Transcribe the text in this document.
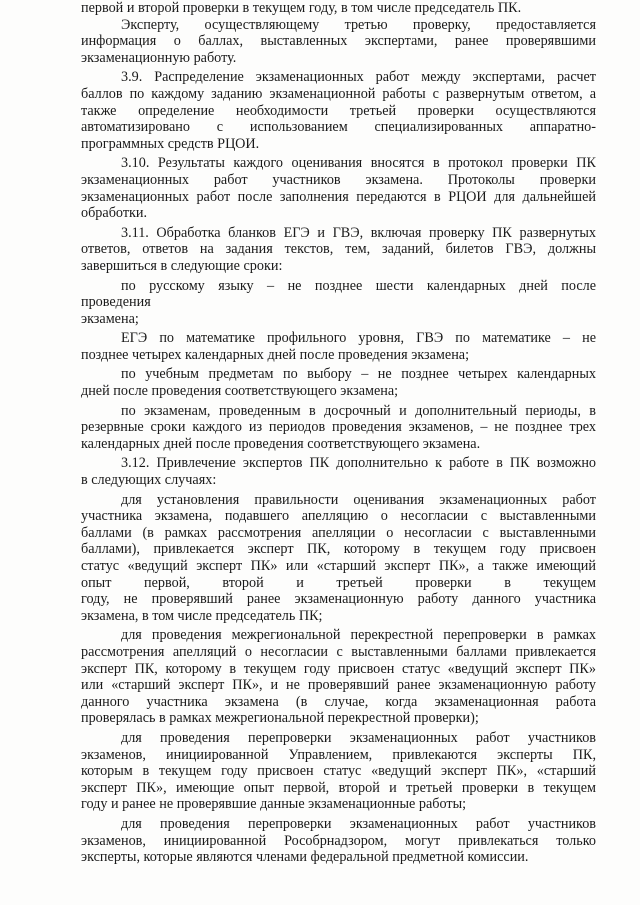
первой и второй проверки в текущем году, в том числе председатель ПК.
Эксперту, осуществляющему третью проверку, предоставляется
информация о баллах, выставленных экспертами, ранее проверявшими
экзаменационную работу.
3.9. Распределение экзаменационных работ между экспертами, расчет
баллов по каждому заданию экзаменационной работы с развернутым ответом, а
также определение необходимости третьей проверки осуществляются
автоматизировано с использованием специализированных аппаратно-
программных средств РЦОИ.
3.10. Результаты каждого оценивания вносятся в протокол проверки ПК
экзаменационных работ участников экзамена. Протоколы проверки
экзаменационных работ после заполнения передаются в РЦОИ для дальнейшей
обработки.
3.11. Обработка бланков ЕГЭ и ГВЭ, включая проверку ПК развернутых
ответов, ответов на задания текстов, тем, заданий, билетов ГВЭ, должны
завершиться в следующие сроки:
по русскому языку – не позднее шести календарных дней после
проведения
экзамена;
ЕГЭ по математике профильного уровня, ГВЭ по математике – не
позднее четырех календарных дней после проведения экзамена;
по учебным предметам по выбору – не позднее четырех календарных
дней после проведения соответствующего экзамена;
по экзаменам, проведенным в досрочный и дополнительный периоды, в
резервные сроки каждого из периодов проведения экзаменов, – не позднее трех
календарных дней после проведения соответствующего экзамена.
3.12. Привлечение экспертов ПК дополнительно к работе в ПК возможно
в следующих случаях:
для установления правильности оценивания экзаменационных работ
участника экзамена, подавшего апелляцию о несогласии с выставленными
баллами (в рамках рассмотрения апелляции о несогласии с выставленными
баллами), привлекается эксперт ПК, которому в текущем году присвоен
статус «ведущий эксперт ПК» или «старший эксперт ПК», а также имеющий
опыт первой, второй и третьей проверки в текущем
году, не проверявший ранее экзаменационную работу данного участника
экзамена, в том числе председатель ПК;
для проведения межрегиональной перекрестной перепроверки в рамках
рассмотрения апелляций о несогласии с выставленными баллами привлекается
эксперт ПК, которому в текущем году присвоен статус «ведущий эксперт ПК»
или «старший эксперт ПК», и не проверявший ранее экзаменационную работу
данного участника экзамена (в случае, когда экзаменационная работа
проверялась в рамках межрегиональной перекрестной проверки);
для проведения перепроверки экзаменационных работ участников
экзаменов, инициированной Управлением, привлекаются эксперты ПК,
которым в текущем году присвоен статус «ведущий эксперт ПК», «старший
эксперт ПК», имеющие опыт первой, второй и третьей проверки в текущем
году и ранее не проверявшие данные экзаменационные работы;
для проведения перепроверки экзаменационных работ участников
экзаменов, инициированной Рособрнадзором, могут привлекаться только
эксперты, которые являются членами федеральной предметной комиссии.
